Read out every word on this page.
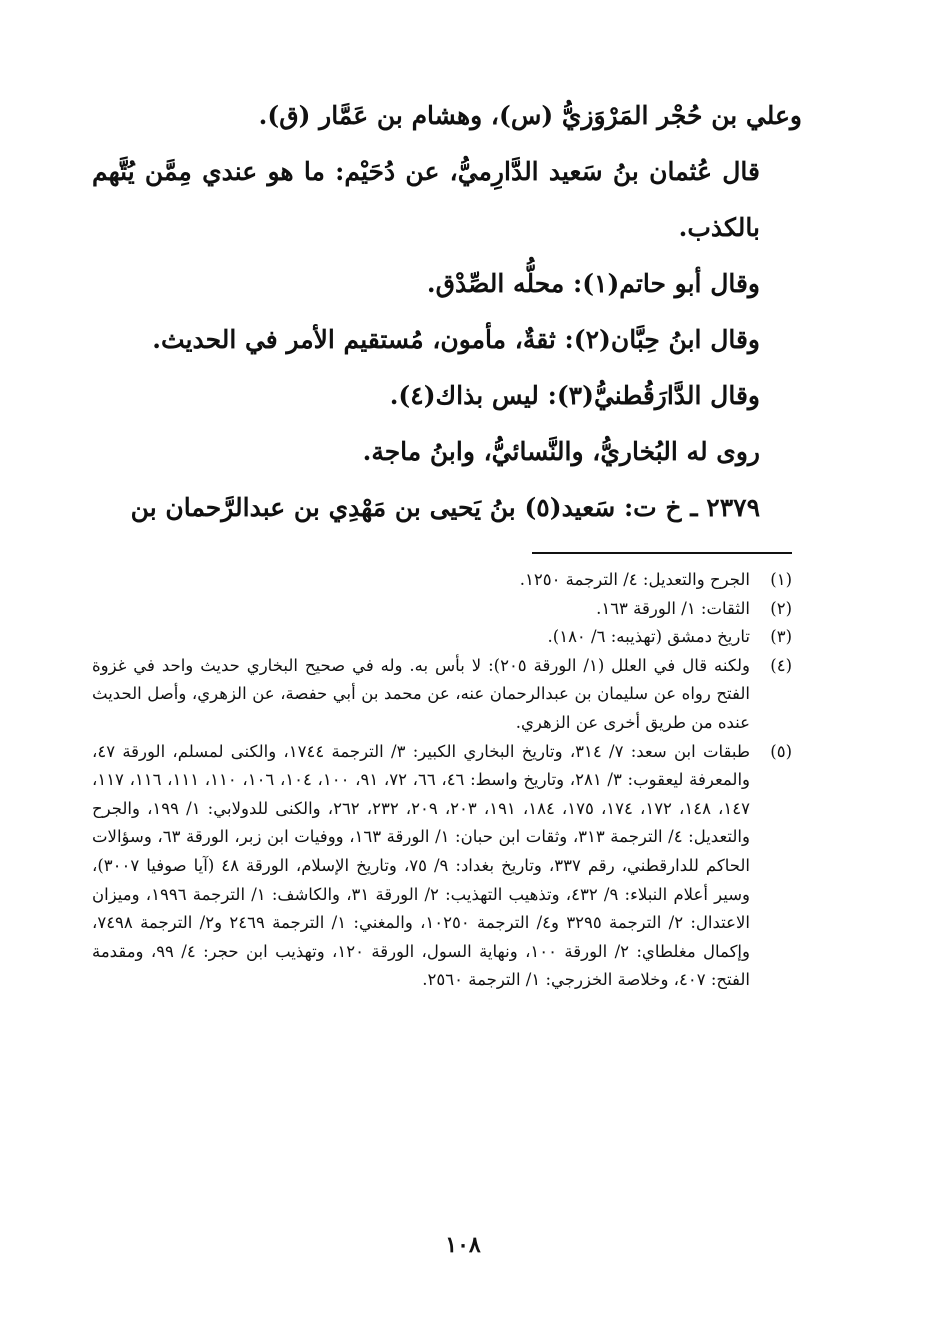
وعلي بن حُجْر المَرْوَزيُّ (س)، وهشام بن عَمَّار (ق).

قال عُثمان بنُ سَعيد الدَّارِميُّ، عن دُحَيْم: ما هو عندي مِمَّن يُتَّهم بالكذب.

وقال أبو حاتم(١): محلُّه الصِّدْق.

وقال ابنُ حِبَّان(٢): ثقةٌ، مأمون، مُستقيم الأمر في الحديث.

وقال الدَّارَقُطنيُّ(٣): ليس بذاك(٤).

روى له البُخاريُّ، والنَّسائيُّ، وابنُ ماجة.

٢٣٧٩ ـ خ ت: سَعيد(٥) بنُ يَحيى بن مَهْدِي بن عبدالرَّحمان بن

(١)
الجرح والتعديل: ٤/ الترجمة ١٢٥٠.
(٢)
الثقات: ١/ الورقة ١٦٣.
(٣)
تاريخ دمشق (تهذيبه: ٦/ ١٨٠).
(٤)
ولكنه قال في العلل (١/ الورقة ٢٠٥): لا بأس به. وله في صحيح البخاري حديث واحد في غزوة الفتح رواه عن سليمان بن عبدالرحمان عنه، عن محمد بن أبي حفصة، عن الزهري، وأصل الحديث عنده من طريق أخرى عن الزهري.
(٥)
طبقات ابن سعد: ٧/ ٣١٤، وتاريخ البخاري الكبير: ٣/ الترجمة ١٧٤٤، والكنى لمسلم، الورقة ٤٧، والمعرفة ليعقوب: ٣/ ٢٨١، وتاريخ واسط: ٤٦، ٦٦، ٧٢، ٩١، ١٠٠، ١٠٤، ١٠٦، ١١٠، ١١١، ١١٦، ١١٧، ١٤٧، ١٤٨، ١٧٢، ١٧٤، ١٧٥، ١٨٤، ١٩١، ٢٠٣، ٢٠٩، ٢٣٢، ٢٦٢، والكنى للدولابي: ١/ ١٩٩، والجرح والتعديل: ٤/ الترجمة ٣١٣، وثقات ابن حبان: ١/ الورقة ١٦٣، ووفيات ابن زبر، الورقة ٦٣، وسؤالات الحاكم للدارقطني، رقم ٣٣٧، وتاريخ بغداد: ٩/ ٧٥، وتاريخ الإسلام، الورقة ٤٨ (آيا صوفيا ٣٠٠٧)، وسير أعلام النبلاء: ٩/ ٤٣٢، وتذهيب التهذيب: ٢/ الورقة ٣١، والكاشف: ١/ الترجمة ١٩٩٦، وميزان الاعتدال: ٢/ الترجمة ٣٢٩٥ و٤/ الترجمة ١٠٢٥٠، والمغني: ١/ الترجمة ٢٤٦٩ و٢/ الترجمة ٧٤٩٨، وإكمال مغلطاي: ٢/ الورقة ١٠٠، ونهاية السول، الورقة ١٢٠، وتهذيب ابن حجر: ٤/ ٩٩، ومقدمة الفتح: ٤٠٧، وخلاصة الخزرجي: ١/ الترجمة ٢٥٦٠.
١٠٨
